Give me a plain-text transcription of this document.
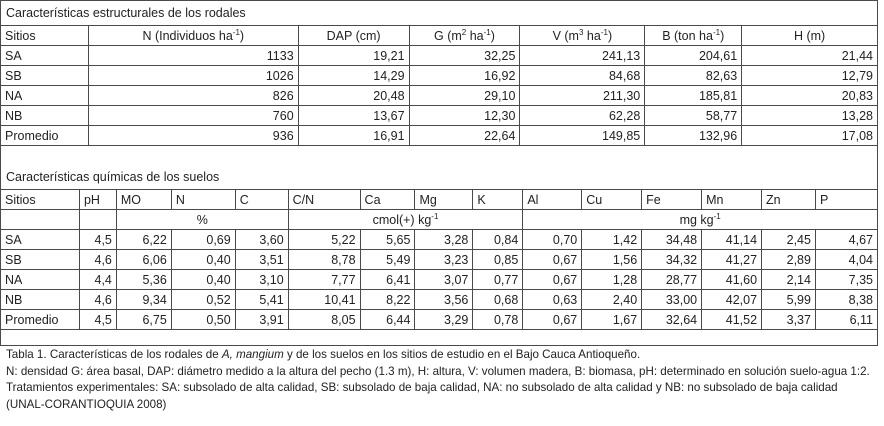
Características estructurales de los rodales
Sitios	N (Individuos $ha^{-1}$)	DAP (cm)	G ($m^2$ $ha^{-1}$)	V ($m^3$ $ha^{-1}$)	B (ton $ha^{-1}$)	H (m)
SA	1133	19,21	32,25	241,13	204,61	21,44
SB	1026	14,29	16,92	84,68	82,63	12,79
NA	826	20,48	29,10	211,30	185,81	20,83
NB	760	13,67	12,30	62,28	58,77	13,28
Promedio	936	16,91	22,64	149,85	132,96	17,08
Características químicas de los suelos
Sitios	pH	MO	N	C	C/N	Ca	Mg	K	Al	Cu	Fe	Mn	Zn	P
		%			cmol(+) $kg^{-1}$				mg $kg^{-1}$
SA	4,5	6,22	0,69	3,60	5,22	5,65	3,28	0,84	0,70	1,42	34,48	41,14	2,45	4,67
SB	4,6	6,06	0,40	3,51	8,78	5,49	3,23	0,85	0,67	1,56	34,32	41,27	2,89	4,04
NA	4,4	5,36	0,40	3,10	7,77	6,41	3,07	0,77	0,67	1,28	28,77	41,60	2,14	7,35
NB	4,6	9,34	0,52	5,41	10,41	8,22	3,56	0,68	0,63	2,40	33,00	42,07	5,99	8,38
Promedio	4,5	6,75	0,50	3,91	8,05	6,44	3,29	0,78	0,67	1,67	32,64	41,52	3,37	6,11

Tabla 1. Características de los rodales de A, mangium y de los suelos en los sitios de estudio en el Bajo Cauca Antioqueño.

N: densidad G: área basal, DAP: diámetro medido a la altura del pecho (1.3 m), H: altura, V: volumen madera, B: biomasa, pH: determinado en solución suelo-agua 1:2. Tratamientos experimentales: SA: subsolado de alta calidad, SB: subsolado de baja calidad, NA: no subsolado de alta calidad y NB: no subsolado de baja calidad (UNAL-CORANTIOQUIA 2008)
